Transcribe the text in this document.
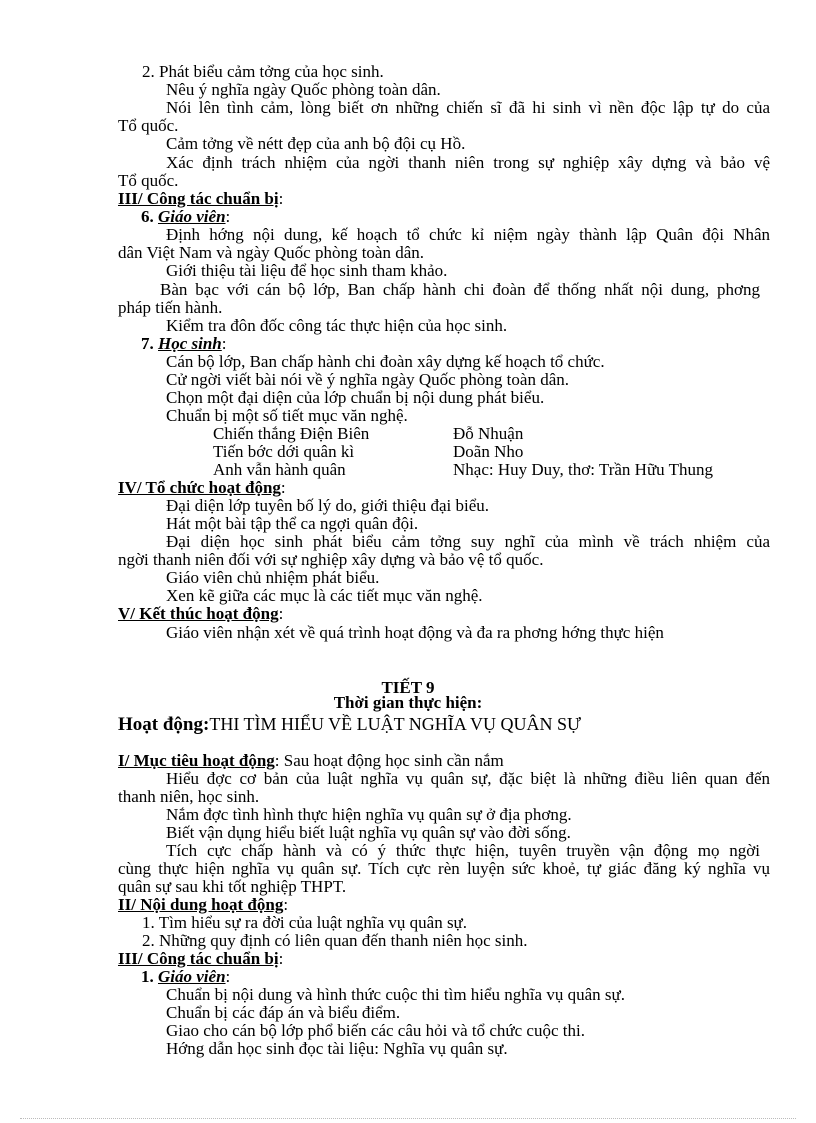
2. Phát biểu cảm tởng của học sinh.
Nêu ý nghĩa ngày Quốc phòng toàn dân.
Nói lên tình cảm, lòng biết ơn những chiến sĩ đã hi sinh vì nền độc lập tự do của
Tổ quốc.
Cảm tởng về nétt đẹp của anh bộ đội cụ Hồ.
Xác định trách nhiệm của ngời thanh niên trong sự nghiệp xây dựng và bảo vệ
Tổ quốc.
III/ Công tác chuẩn bị:
6. Giáo viên:
Định hớng nội dung, kế hoạch tổ chức kỉ niệm ngày thành lập Quân đội Nhân
dân Việt Nam và ngày Quốc phòng toàn dân.
Giới thiệu tài liệu để học sinh tham khảo.
Bàn bạc với cán bộ lớp, Ban chấp hành chi đoàn để thống nhất nội dung, phơng
pháp tiến hành.
Kiểm tra đôn đốc công tác thực hiện của học sinh.
7. Học sinh:
Cán bộ lớp, Ban chấp hành chi đoàn xây dựng kế hoạch tổ chức.
Cử ngời viết bài nói về ý nghĩa ngày Quốc phòng toàn dân.
Chọn một đại diện của lớp chuẩn bị nội dung phát biểu.
Chuẩn bị một số tiết mục văn nghệ.
Chiến thắng Điện Biên	Đỗ Nhuận
Tiến bớc dới quân kì	Doãn Nho
Anh vẫn hành quân	Nhạc: Huy Duy, thơ: Trần Hữu Thung
IV/ Tổ chức hoạt động:
Đại diện lớp tuyên bố lý do, giới thiệu đại biểu.
Hát một bài tập thể ca ngợi quân đội.
Đại diện học sinh phát biểu cảm tởng suy nghĩ của mình về trách nhiệm của
ngời thanh niên đối với sự nghiệp xây dựng và bảo vệ tổ quốc.
Giáo viên chủ nhiệm phát biểu.
Xen kẽ giữa các mục là các tiết mục văn nghệ.
V/ Kết thúc hoạt động:
Giáo viên nhận xét về quá trình hoạt động và đa ra phơng hớng thực hiện
TIẾT 9
Thời gian thực hiện:
Hoạt động:THI TÌM HIỂU VỀ LUẬT NGHĨA VỤ QUÂN SỰ
I/ Mục tiêu hoạt động: Sau hoạt động học sinh cần nắm
Hiểu đợc cơ bản của luật nghĩa vụ quân sự, đặc biệt là những điều liên quan đến
thanh niên, học sinh.
Nắm đợc tình hình thực hiện nghĩa vụ quân sự ở địa phơng.
Biết vận dụng hiểu biết luật nghĩa vụ quân sự vào đời sống.
Tích cực chấp hành và có ý thức thực hiện, tuyên truyền vận động mọ ngời
cùng thực hiện nghĩa vụ quân sự. Tích cực rèn luyện sức khoẻ, tự giác đăng ký nghĩa vụ
quân sự sau khi tốt nghiệp THPT.
II/ Nội dung hoạt động:
1. Tìm hiểu sự ra đời của luật nghĩa vụ quân sự.
2. Những quy định có liên quan đến thanh niên học sinh.
III/ Công tác chuẩn bị:
1. Giáo viên:
Chuẩn bị nội dung và hình thức cuộc thi tìm hiểu nghĩa vụ quân sự.
Chuẩn bị các đáp án và biểu điểm.
Giao cho cán bộ lớp phổ biến các câu hỏi và tổ chức cuộc thi.
Hớng dẫn học sinh đọc tài liệu: Nghĩa vụ quân sự.
